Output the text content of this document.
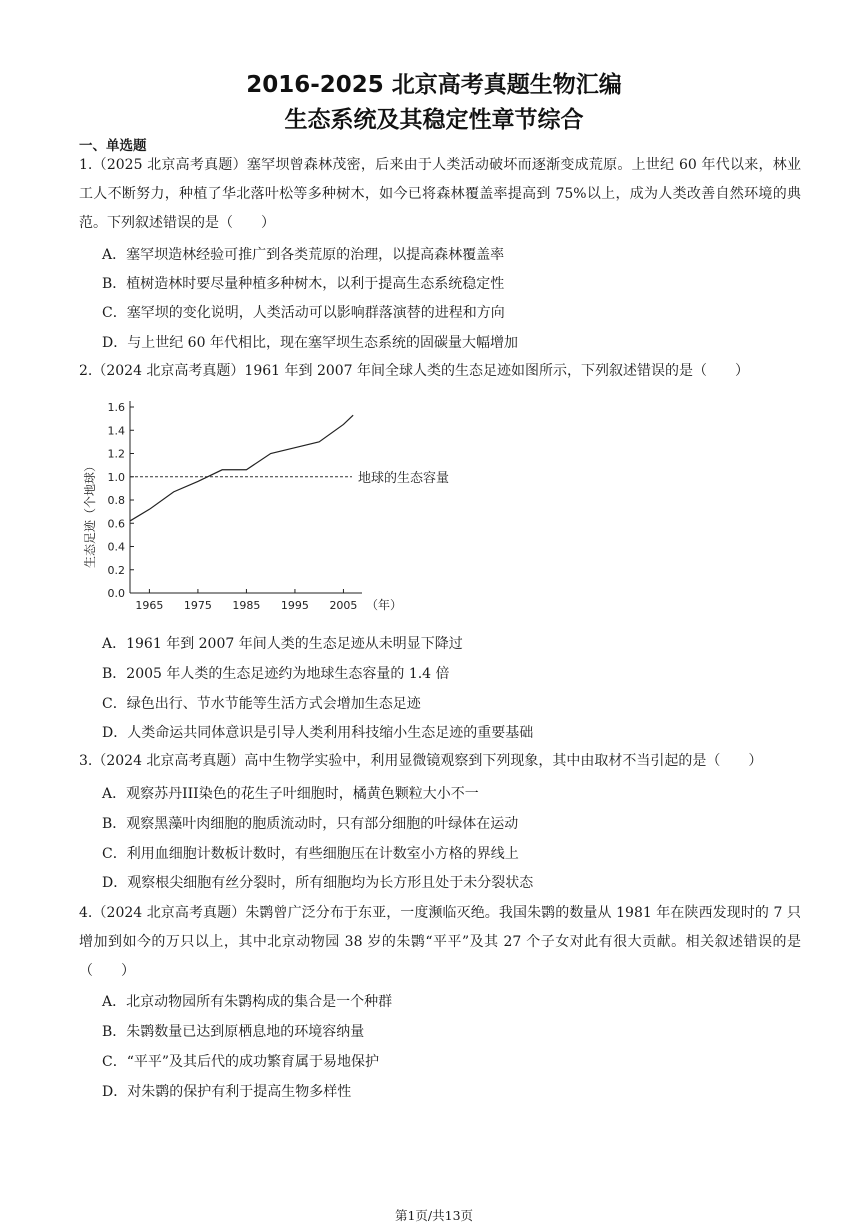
2016-2025 北京高考真题生物汇编
生态系统及其稳定性章节综合
一、单选题
1.（2025 北京高考真题）塞罕坝曾森林茂密，后来由于人类活动破坏而逐渐变成荒原。上世纪 60 年代以来，林业工人不断努力，种植了华北落叶松等多种树木，如今已将森林覆盖率提高到 75%以上，成为人类改善自然环境的典范。下列叙述错误的是（　　）
A．塞罕坝造林经验可推广到各类荒原的治理，以提高森林覆盖率
B．植树造林时要尽量种植多种树木，以利于提高生态系统稳定性
C．塞罕坝的变化说明，人类活动可以影响群落演替的进程和方向
D．与上世纪 60 年代相比，现在塞罕坝生态系统的固碳量大幅增加
2.（2024 北京高考真题）1961 年到 2007 年间全球人类的生态足迹如图所示，下列叙述错误的是（　　）
0.0
0.2
0.4
0.6
0.8
1.0
1.2
1.4
1.6
1965 1975 1985 1995 2005 （年）
生态足迹（个地球）	地球的生态容量
A．1961 年到 2007 年间人类的生态足迹从未明显下降过
B．2005 年人类的生态足迹约为地球生态容量的 1.4 倍
C．绿色出行、节水节能等生活方式会增加生态足迹
D．人类命运共同体意识是引导人类利用科技缩小生态足迹的重要基础
3.（2024 北京高考真题）高中生物学实验中，利用显微镜观察到下列现象，其中由取材不当引起的是（　　）
A．观察苏丹III染色的花生子叶细胞时，橘黄色颗粒大小不一
B．观察黑藻叶肉细胞的胞质流动时，只有部分细胞的叶绿体在运动
C．利用血细胞计数板计数时，有些细胞压在计数室小方格的界线上
D．观察根尖细胞有丝分裂时，所有细胞均为长方形且处于未分裂状态
4.（2024 北京高考真题）朱鹮曾广泛分布于东亚，一度濒临灭绝。我国朱鹮的数量从 1981 年在陕西发现时的 7 只增加到如今的万只以上，其中北京动物园 38 岁的朱鹮“平平”及其 27 个子女对此有很大贡献。相关叙述错误的是（　　）
A．北京动物园所有朱鹮构成的集合是一个种群
B．朱鹮数量已达到原栖息地的环境容纳量
C．“平平”及其后代的成功繁育属于易地保护
D．对朱鹮的保护有利于提高生物多样性
第1页/共13页
